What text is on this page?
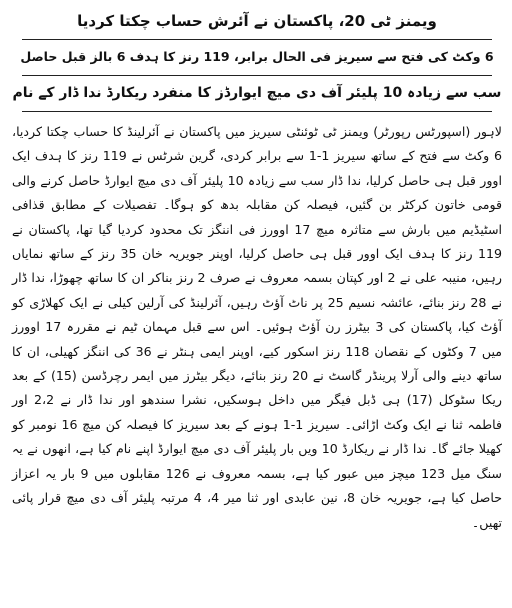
ویمنز ٹی 20، پاکستان نے آئرش حساب چکتا کردیا
6 وکٹ کی فتح سے سیریز فی الحال برابر، 119 رنز کا ہدف 6 بالز قبل حاصل
سب سے زیادہ 10 پلیئر آف دی میچ ایوارڈز کا منفرد ریکارڈ ندا ڈار کے نام
لاہور (اسپورٹس رپورٹر) ویمنز ٹی ٹوئنٹی سیریز میں پاکستان نے آئرلینڈ کا حساب چکتا کردیا، 6 وکٹ سے فتح کے ساتھ سیریز 1-1 سے برابر کردی، گرین شرٹس نے 119 رنز کا ہدف ایک اوور قبل ہی حاصل کرلیا، ندا ڈار سب سے زیادہ 10 پلیئر آف دی میچ ایوارڈ حاصل کرنے والی قومی خاتون کرکٹر بن گئیں، فیصلہ کن مقابلہ بدھ کو ہوگا۔ تفصیلات کے مطابق قذافی اسٹیڈیم میں بارش سے متاثرہ میچ 17 اوورز فی اننگز تک محدود کردیا گیا تھا، پاکستان نے 119 رنز کا ہدف ایک اوور قبل ہی حاصل کرلیا، اوپنر جویریہ خان 35 رنز کے ساتھ نمایاں رہیں، منیبہ علی نے 2 اور کپتان بسمہ معروف نے صرف 2 رنز بناکر ان کا ساتھ چھوڑا، ندا ڈار نے 28 رنز بنائے، عائشہ نسیم 25 پر ناٹ آؤٹ رہیں، آئرلینڈ کی آرلین کیلی نے ایک کھلاڑی کو آؤٹ کیا، پاکستان کی 3 بیٹرز رن آؤٹ ہوئیں۔ اس سے قبل مہمان ٹیم نے مقررہ 17 اوورز میں 7 وکٹوں کے نقصان 118 رنز اسکور کیے، اوپنر ایمی ہنٹر نے 36 کی اننگز کھیلی، ان کا ساتھ دینے والی آرلا پرینڈر گاسٹ نے 20 رنز بنائے، دیگر بیٹرز میں ایمر رچرڈسن (15) کے بعد ریکا سٹوکل (17) ہی ڈبل فیگر میں داخل ہوسکیں، نشرا سندھو اور ندا ڈار نے 2،2 اور فاطمہ ثنا نے ایک وکٹ اڑائی۔ سیریز 1-1 ہونے کے بعد سیریز کا فیصلہ کن میچ 16 نومبر کو کھیلا جائے گا۔ ندا ڈار نے ریکارڈ 10 ویں بار پلیئر آف دی میچ ایوارڈ اپنے نام کیا ہے، انھوں نے یہ سنگ میل 123 میچز میں عبور کیا ہے، بسمہ معروف نے 126 مقابلوں میں 9 بار یہ اعزاز حاصل کیا ہے، جویریہ خان 8، نین عابدی اور ثنا میر 4، 4 مرتبہ پلیئر آف دی میچ قرار پائی تھیں۔
